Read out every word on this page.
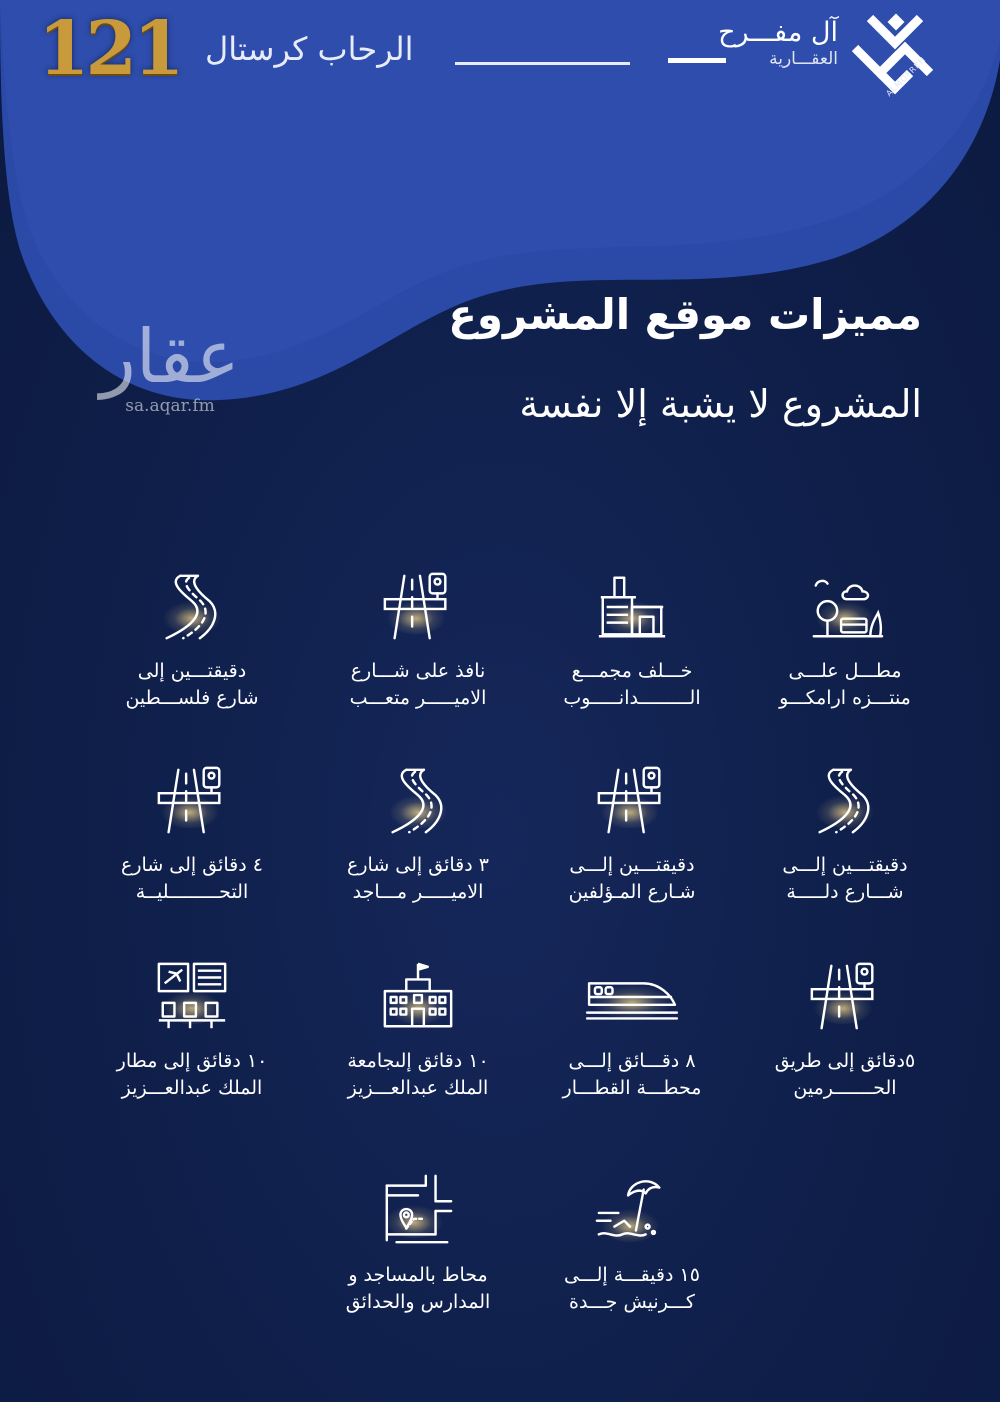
121 الرحاب كرستال	آل مفـــرح
العقـــارية	ALMOFREH
عقار
sa.aqar.fm
مميزات موقع المشروع
المشروع لا يشبة إلا نفسة
مطـــل علـــى
منتـــزه ارامكـــو
خـــلف مجمـــع
الـــــــــدانـــــوب
نافذ على شـــارع
الاميـــــر متعـــب
دقيقتـــين إلى
شارع فلســـطين
دقيقتـــين إلـــى
شـــارع دلـــــة
دقيقتـــين إلـــى
شـارع المـؤلفين
٣ دقائق إلى شارع
الاميـــــر مـــاجد
٤ دقائق إلى شارع
التحـــــــــليــة
٥دقائق إلى طريق
الحـــــــرمين
٨ دقـــائق إلـــى
محطـــة القطـــار
١٠ دقائق إلىجامعة
الملك عبدالعـــزيز
١٠ دقائق إلى مطار
الملك عبدالعـــزيز
١٥ دقيقـــة إلـــى
كـــرنيش جـــدة
محاط بالمساجد و
المدارس والحدائق
